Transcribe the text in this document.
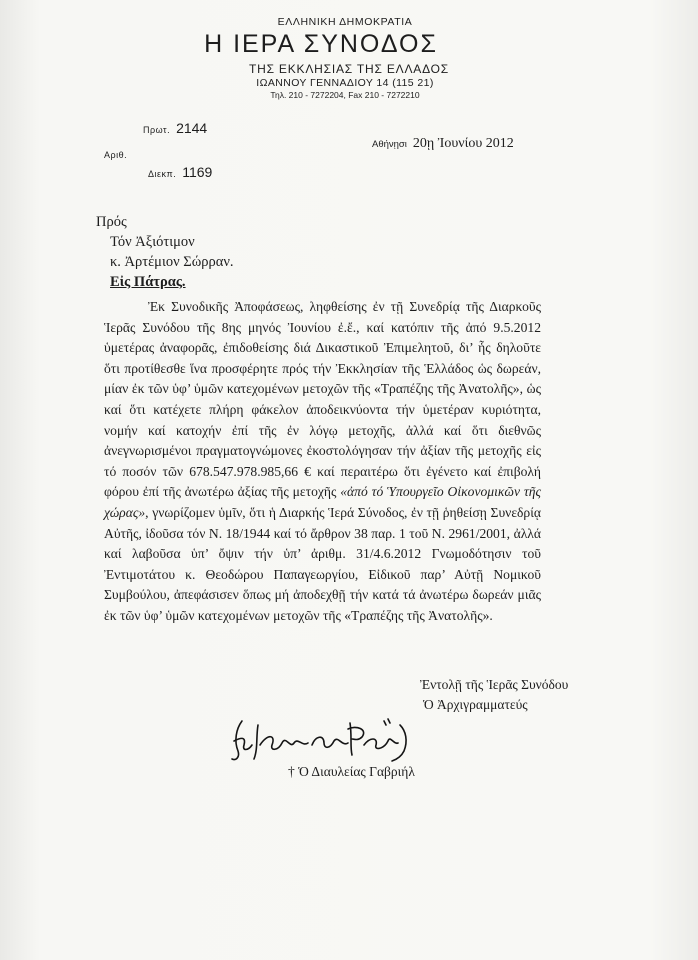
ΕΛΛΗΝΙΚΗ ΔΗΜΟΚΡΑΤΙΑ
Η ΙΕΡΑ ΣΥΝΟΔΟΣ
ΤΗΣ ΕΚΚΛΗΣΙΑΣ ΤΗΣ ΕΛΛΑΔΟΣ
ΙΩΑΝΝΟΥ ΓΕΝΝΑΔΙΟΥ 14 (115 21)
Τηλ. 210 - 7272204, Fax 210 - 7272210
Πρωτ. 2144
Αριθ.
Διεκπ. 1169
Αθήνῃσι 20ῃ Ἰουνίου 2012
Πρός
Τόν Ἀξιότιμον
κ. Ἀρτέμιον Σώρραν.
Εἰς Πάτρας.
Ἐκ Συνοδικῆς Ἀποφάσεως, ληφθείσης ἐν τῇ Συνεδρίᾳ τῆς Διαρκοῦς Ἱερᾶς Συνόδου τῆς 8ης μηνός Ἰουνίου ἐ.ἔ., καί κατόπιν τῆς ἀπό 9.5.2012 ὑμετέρας ἀναφορᾶς, ἐπιδοθείσης διά Δικαστικοῦ Ἐπιμελητοῦ, δι’ ἧς δηλοῦτε ὅτι προτίθεσθε ἵνα προσφέρητε πρός τήν Ἐκκλησίαν τῆς Ἑλλάδος ὡς δωρεάν, μίαν ἐκ τῶν ὑφ’ ὑμῶν κατεχομένων μετοχῶν τῆς «Τραπέζης τῆς Ἀνατολῆς», ὡς καί ὅτι κατέχετε πλήρη φάκελον ἀποδεικνύοντα τήν ὑμετέραν κυριότητα, νομήν καί κατοχήν ἐπί τῆς ἐν λόγῳ μετοχῆς, ἀλλά καί ὅτι διεθνῶς ἀνεγνωρισμένοι πραγματογνώμονες ἐκοστολόγησαν τήν ἀξίαν τῆς μετοχῆς εἰς τό ποσόν τῶν 678.547.978.985,66 € καί περαιτέρω ὅτι ἐγένετο καί ἐπιβολή φόρου ἐπί τῆς ἀνωτέρω ἀξίας τῆς μετοχῆς «ἀπό τό Ὑπουργεῖο Οἰκονομικῶν τῆς χώρας», γνωρίζομεν ὑμῖν, ὅτι ἡ Διαρκής Ἱερά Σύνοδος, ἐν τῇ ῥηθείσῃ Συνεδρίᾳ Αὐτῆς, ἰδοῦσα τόν Ν. 18/1944 καί τό ἄρθρον 38 παρ. 1 τοῦ Ν. 2961/2001, ἀλλά καί λαβοῦσα ὑπ’ ὄψιν τήν ὑπ’ ἀριθμ. 31/4.6.2012 Γνωμοδότησιν τοῦ Ἐντιμοτάτου κ. Θεοδώρου Παπαγεωργίου, Εἰδικοῦ παρ’ Αὐτῇ Νομικοῦ Συμβούλου, ἀπεφάσισεν ὅπως μή ἀποδεχθῇ τήν κατά τά ἀνωτέρω δωρεάν μιᾶς ἐκ τῶν ὑφ’ ὑμῶν κατεχομένων μετοχῶν τῆς «Τραπέζης τῆς Ἀνατολῆς».
Ἐντολῇ τῆς Ἱερᾶς Συνόδου
Ὁ Ἀρχιγραμματεύς
† Ὁ Διαυλείας Γαβριήλ
